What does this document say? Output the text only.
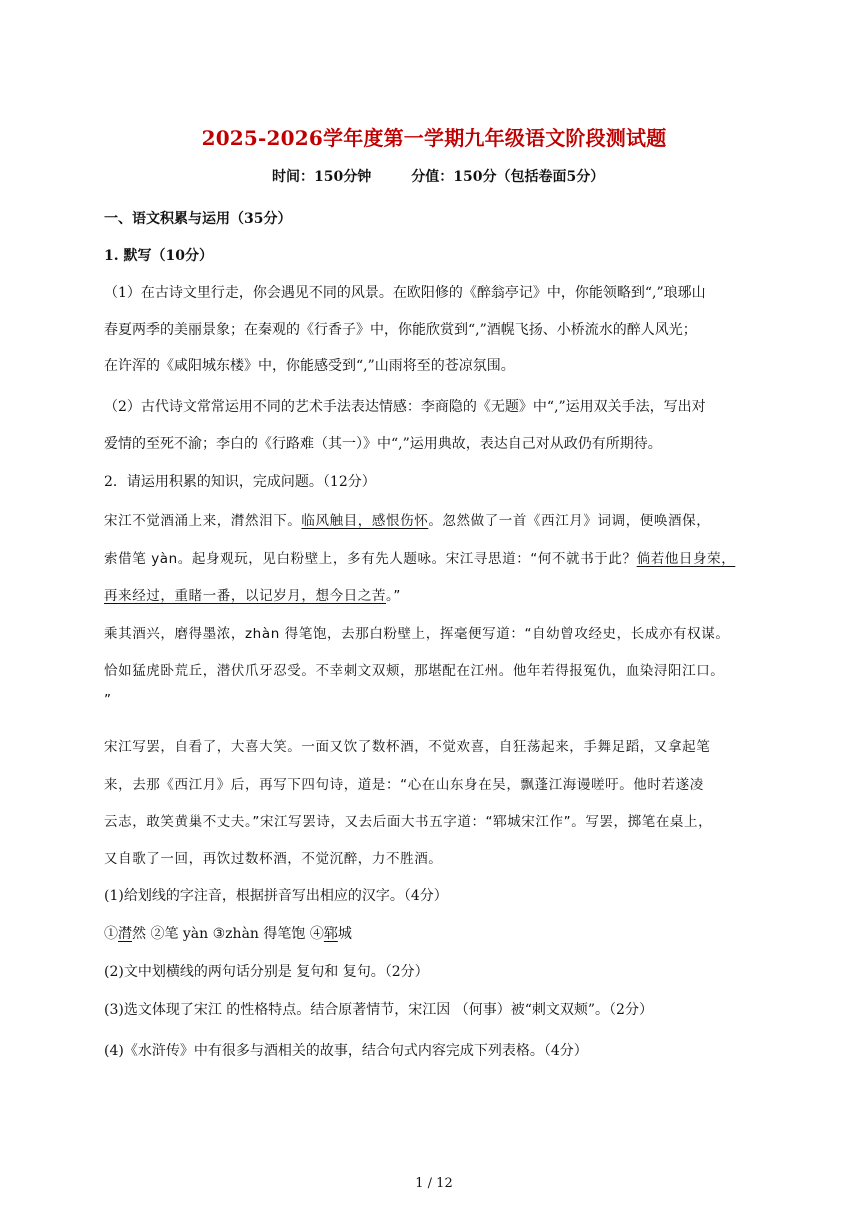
2025-2026学年度第一学期九年级语文阶段测试题
时间：150分钟	分值：150分（包括卷面5分）
一、语文积累与运用（35分）
1. 默写（10分）
（1）在古诗文里行走，你会遇见不同的风景。在欧阳修的《醉翁亭记》中，你能领略到“,”琅琊山
春夏两季的美丽景象；在秦观的《行香子》中，你能欣赏到“,”酒幌飞扬、小桥流水的醉人风光；
在许浑的《咸阳城东楼》中，你能感受到“,”山雨将至的苍凉氛围。
（2）古代诗文常常运用不同的艺术手法表达情感：李商隐的《无题》中“,”运用双关手法，写出对
爱情的至死不渝；李白的《行路难（其一）》中“,”运用典故，表达自己对从政仍有所期待。
2．请运用积累的知识，完成问题。（12分）
宋江不觉酒涌上来，潸然泪下。临风触目，感恨伤怀。忽然做了一首《西江月》词调，便唤酒保，
索借笔 yàn。起身观玩，见白粉壁上，多有先人题咏。宋江寻思道：“何不就书于此？倘若他日身荣，
再来经过，重睹一番，以记岁月，想今日之苦。”
乘其酒兴，磨得墨浓，zhàn 得笔饱，去那白粉壁上，挥毫便写道：“自幼曾攻经史，长成亦有权谋。
恰如猛虎卧荒丘，潜伏爪牙忍受。不幸刺文双颊，那堪配在江州。他年若得报冤仇，血染浔阳江口。
”
宋江写罢，自看了，大喜大笑。一面又饮了数杯酒，不觉欢喜，自狂荡起来，手舞足蹈，又拿起笔
来，去那《西江月》后，再写下四句诗，道是：“心在山东身在吴，飘蓬江海谩嗟吁。他时若遂凌
云志，敢笑黄巢不丈夫。”宋江写罢诗，又去后面大书五字道：“郓城宋江作”。写罢，掷笔在桌上，
又自歌了一回，再饮过数杯酒，不觉沉醉，力不胜酒。
(1)给划线的字注音，根据拼音写出相应的汉字。（4分）
①潸然 ②笔 yàn ③zhàn 得笔饱 ④郓城
(2)文中划横线的两句话分别是 复句和 复句。（2分）
(3)选文体现了宋江 的性格特点。结合原著情节，宋江因 （何事）被“刺文双颊”。（2分）
(4)《水浒传》中有很多与酒相关的故事，结合句式内容完成下列表格。（4分）
1 / 12
